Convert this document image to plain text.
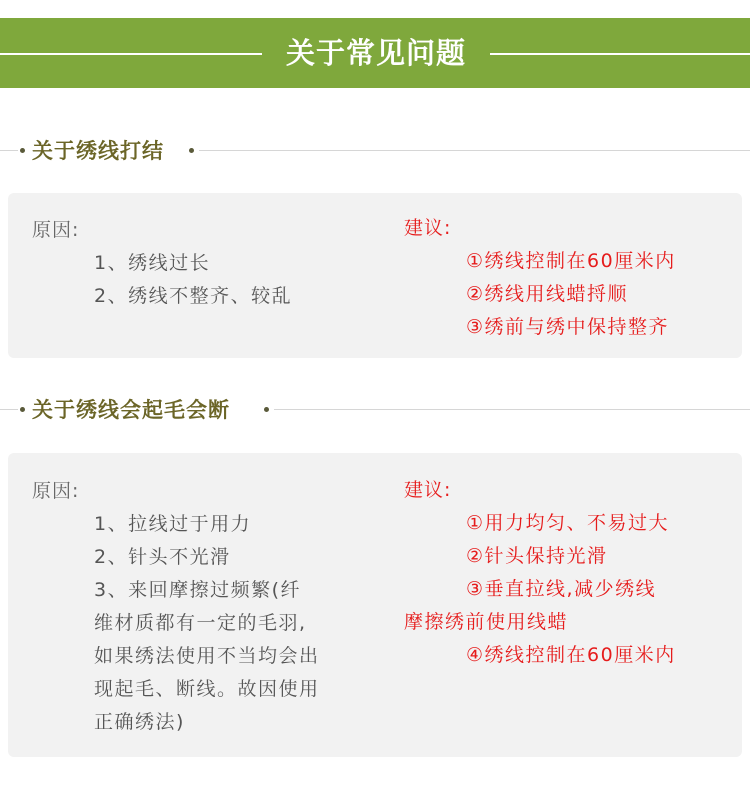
关于常见问题
关于绣线打结
原因:
1、绣线过长
2、绣线不整齐、较乱
建议:
①绣线控制在60厘米内
②绣线用线蜡捋顺
③绣前与绣中保持整齐
关于绣线会起毛会断
原因:
1、拉线过于用力
2、针头不光滑
3、来回摩擦过频繁(纤
维材质都有一定的毛羽,
如果绣法使用不当均会出
现起毛、断线。故因使用
正确绣法)
建议:
①用力均匀、不易过大
②针头保持光滑
③垂直拉线,减少绣线
摩擦绣前使用线蜡
④绣线控制在60厘米内
